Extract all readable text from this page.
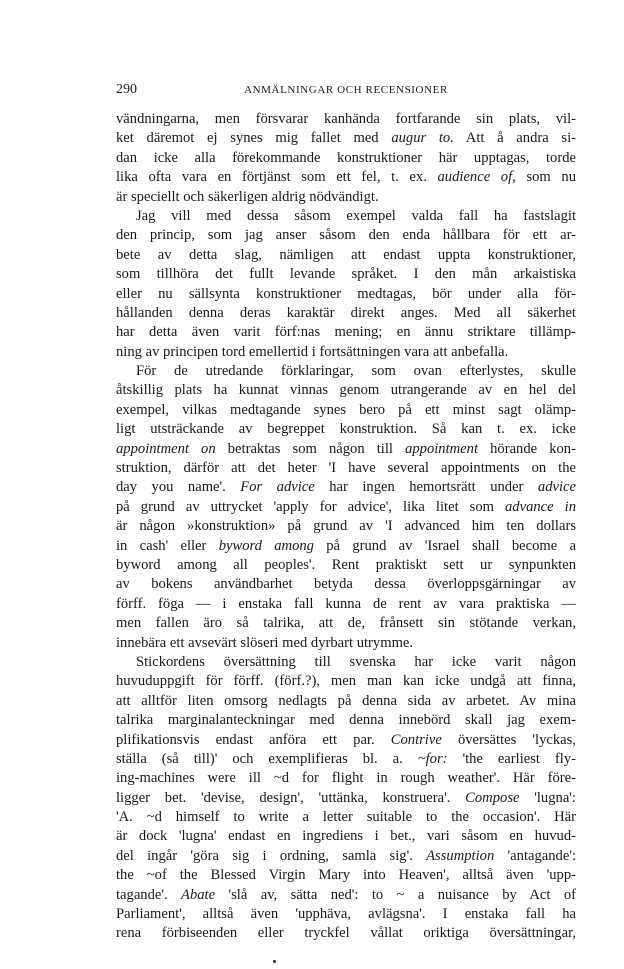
290	ANMÄLNINGAR OCH RECENSIONER
vändningarna, men försvarar kanhända fortfarande sin plats, vil-
ket däremot ej synes mig fallet med augur to. Att å andra si-
dan icke alla förekommande konstruktioner här upptagas, torde
lika ofta vara en förtjänst som ett fel, t. ex. audience of, som nu
är speciellt och säkerligen aldrig nödvändigt.
Jag vill med dessa såsom exempel valda fall ha fastslagit
den princip, som jag anser såsom den enda hållbara för ett ar-
bete av detta slag, nämligen att endast uppta konstruktioner,
som tillhöra det fullt levande språket. I den mån arkaistiska
eller nu sällsynta konstruktioner medtagas, bör under alla för-
hållanden denna deras karaktär direkt anges. Med all säkerhet
har detta även varit förf:nas mening; en ännu striktare tillämp-
ning av principen tord emellertid i fortsättningen vara att anbefalla.
För de utredande förklaringar, som ovan efterlystes, skulle
åtskillig plats ha kunnat vinnas genom utrangerande av en hel del
exempel, vilkas medtagande synes bero på ett minst sagt olämp-
ligt utsträckande av begreppet konstruktion. Så kan t. ex. icke
appointment on betraktas som någon till appointment hörande kon-
struktion, därför att det heter 'I have several appointments on the
day you name'. For advice har ingen hemortsrätt under advice
på grund av uttrycket 'apply for advice', lika litet som advance in
är någon »konstruktion» på grund av 'I advanced him ten dollars
in cash' eller byword among på grund av 'Israel shall become a
byword among all peoples'. Rent praktiskt sett ur synpunkten
av bokens användbarhet betyda dessa överloppsgärningar av
förff. föga — i enstaka fall kunna de rent av vara praktiska —
men fallen äro så talrika, att de, frånsett sin stötande verkan,
innebära ett avsevärt slöseri med dyrbart utrymme.
Stickordens översättning till svenska har icke varit någon
huvuduppgift för förff. (förf.?), men man kan icke undgå att finna,
att alltför liten omsorg nedlagts på denna sida av arbetet. Av mina
talrika marginalanteckningar med denna innebörd skall jag exem-
plifikationsvis endast anföra ett par. Contrive översättes 'lyckas,
ställa (så till)' och exemplifieras bl. a. ~for: 'the earliest fly-
ing-machines were ill ~d for flight in rough weather'. Här före-
ligger bet. 'devise, design', 'uttänka, konstruera'. Compose 'lugna':
'A. ~d himself to write a letter suitable to the occasion'. Här
är dock 'lugna' endast en ingrediens i bet., vari såsom en huvud-
del ingår 'göra sig i ordning, samla sig'. Assumption 'antagande':
the ~of the Blessed Virgin Mary into Heaven', alltså även 'upp-
tagande'. Abate 'slå av, sätta ned': to ~ a nuisance by Act of
Parliament', alltså även 'upphäva, avlägsna'. I enstaka fall ha
rena förbiseenden eller tryckfel vållat oriktiga översättningar,
